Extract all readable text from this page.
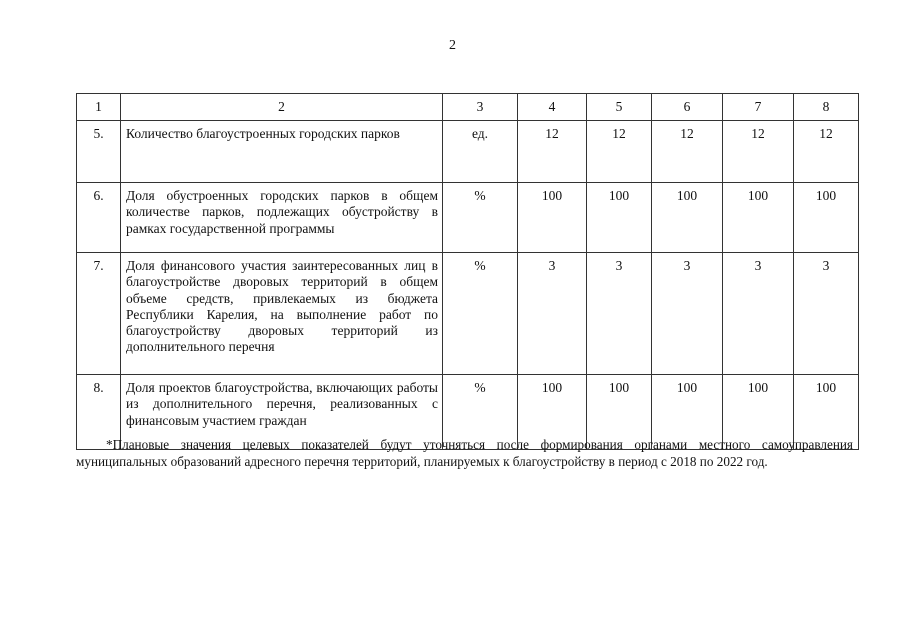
2
1	2	3	4	5	6	7	8
5.	Количество благоустроенных городских парков	ед.	12	12	12	12	12
6.	Доля обустроенных городских парков в общем количестве парков, подлежащих обустройству в рамках государственной программы	%	100	100	100	100	100
7.	Доля финансового участия заинтересованных лиц в благоустройстве дворовых территорий в общем объеме средств, привлекаемых из бюджета Республики Карелия, на выполнение работ по благоустройству дворовых территорий из дополнительного перечня	%	3	3	3	3	3
8.	Доля проектов благоустройства, включающих работы из дополнительного перечня, реализованных с финансовым участием граждан	%	100	100	100	100	100

*Плановые значения целевых показателей будут уточняться после формирования органами местного самоуправления муниципальных образований адресного перечня территорий, планируемых к благоустройству в период с 2018 по 2022 год.
